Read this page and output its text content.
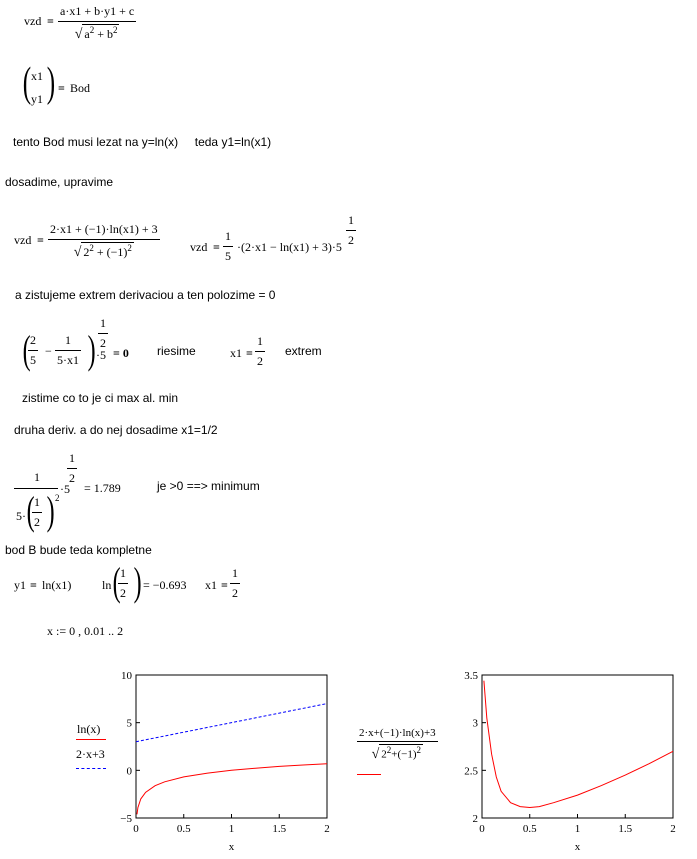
vzd = $\frac{a\cdot x1 + b\cdot y1 + c}{√ a^2 + b^2}$
( x1
y1 ) = Bod
tento Bod musi lezat na y=ln(x)     teda y1=ln(x1)
dosadime, upravime
vzd = $\frac{2\cdot x1 + (-1)\cdot\ln(x1) + 3}{√ 2^2 + (-1)^2}$	vzd = $\frac{1}{5} \cdot(2\cdot x1 - \ln(x1) + 3)\cdot 5 \frac{1}{2}$
a zistujeme extrem derivaciou a ten polozime = 0
(
$\frac{2}{5} - \frac{1}{5\cdot x1}$ ) ·5
$\frac{1}{2}$
= 0 riesime	$x1 = \frac{1}{2}$ extrem
zistime co to je ci max al. min
druha deriv. a do nej dosadime x1=1/2
1
5· (
$\frac{1}{2}$ ) 2
·5
$\frac{1}{2}$
= 1.789	je >0 ==> minimum
bod B bude teda kompletne
y1 = ln(x1)	ln (
$\frac{1}{2}$ ) = −0.693 $x1 = \frac{1}{2}$
x := 0 , 0.01 .. 2
0	0.5	1	1.5	2
10
5
0
−5
x
0	0.5	1	1.5	2
3.5
3
2.5
2
x
ln(x)
2·x+3	$\frac{2\cdot x+(-1)\cdot\ln(x)+3}{√ 2^2+(-1)^2}$
